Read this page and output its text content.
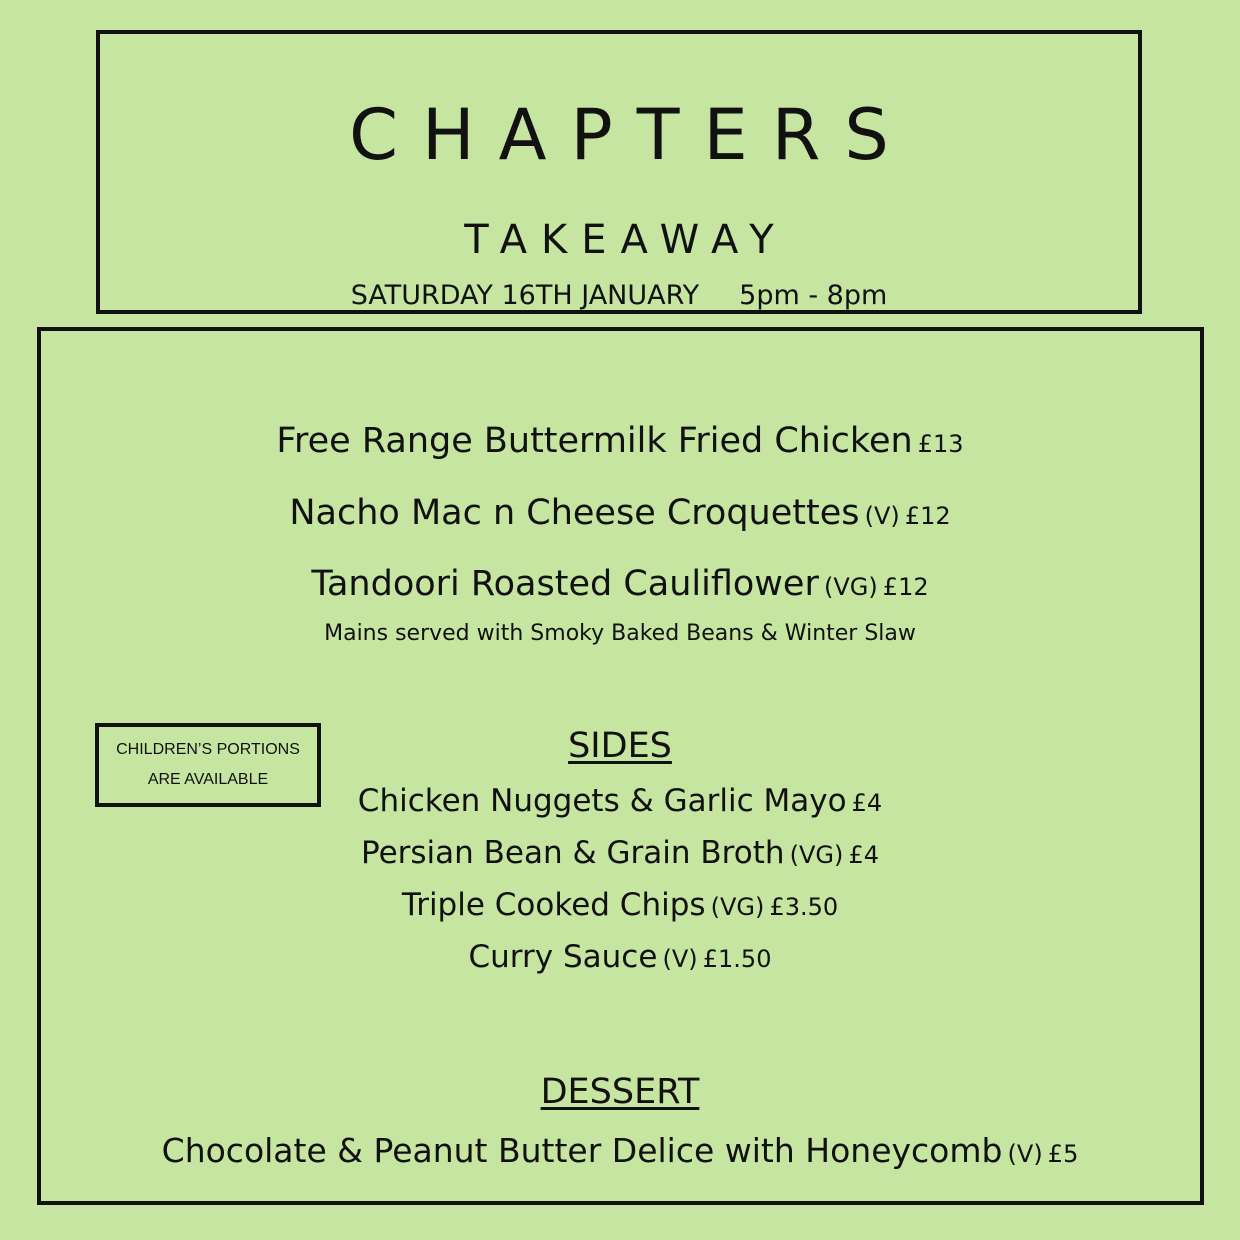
CHAPTERS
TAKEAWAY
SATURDAY 16TH JANUARY 5pm - 8pm
Free Range Buttermilk Fried Chicken £13
Nacho Mac n Cheese Croquettes (V) £12
Tandoori Roasted Cauliflower (VG) £12
Mains served with Smoky Baked Beans & Winter Slaw
CHILDREN’S PORTIONS
ARE AVAILABLE
SIDES
Chicken Nuggets & Garlic Mayo £4
Persian Bean & Grain Broth (VG) £4
Triple Cooked Chips (VG) £3.50
Curry Sauce (V) £1.50
DESSERT
Chocolate & Peanut Butter Delice with Honeycomb (V) £5
